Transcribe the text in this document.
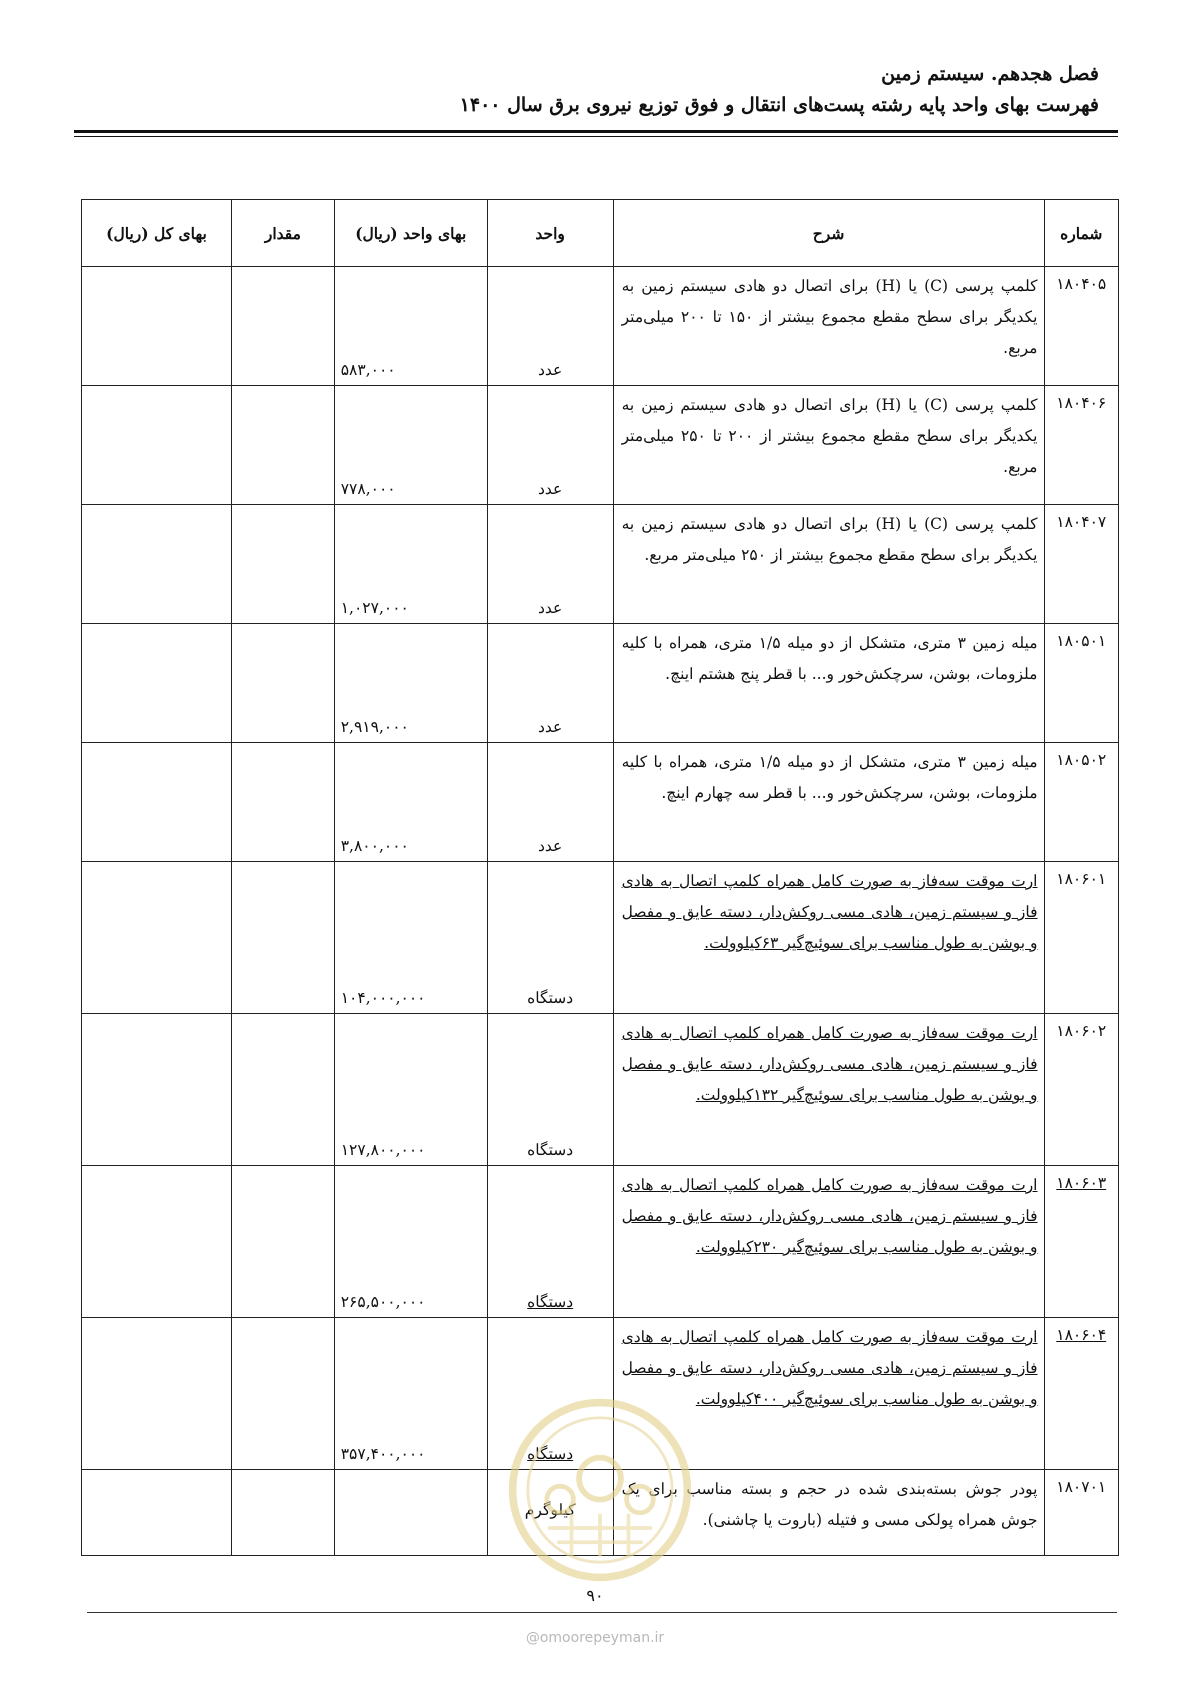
فصل هجدهم. سیستم زمین
فهرست بهای واحد پایه رشته پست‌های انتقال و فوق توزیع نیروی برق سال ۱۴۰۰
شماره	شرح	واحد	بهای واحد (ریال)	مقدار	بهای کل (ریال)
۱۸۰۴۰۵	کلمپ پرسی (C) یا (H) برای اتصال دو هادی سیستم زمین به یکدیگر برای سطح مقطع مجموع بیشتر از ۱۵۰ تا ۲۰۰ میلی‌متر مربع.	عدد	۵۸۳,۰۰۰		
۱۸۰۴۰۶	کلمپ پرسی (C) یا (H) برای اتصال دو هادی سیستم زمین به یکدیگر برای سطح مقطع مجموع بیشتر از ۲۰۰ تا ۲۵۰ میلی‌متر مربع.	عدد	۷۷۸,۰۰۰		
۱۸۰۴۰۷	کلمپ پرسی (C) یا (H) برای اتصال دو هادی سیستم زمین به یکدیگر برای سطح مقطع مجموع بیشتر از ۲۵۰ میلی‌متر مربع.	عدد	۱,۰۲۷,۰۰۰		
۱۸۰۵۰۱	میله زمین ۳ متری، متشکل از دو میله ۱/۵ متری، همراه با کلیه ملزومات، بوشن، سرچکش‌خور و... با قطر پنج هشتم اینچ.	عدد	۲,۹۱۹,۰۰۰		
۱۸۰۵۰۲	میله زمین ۳ متری، متشکل از دو میله ۱/۵ متری، همراه با کلیه ملزومات، بوشن، سرچکش‌خور و... با قطر سه چهارم اینچ.	عدد	۳,۸۰۰,۰۰۰		
۱۸۰۶۰۱	ارت موقت سه‌فاز به صورت کامل همراه کلمپ اتصال به هادی فاز و سیستم زمین، هادی مسی روکش‌دار، دسته عایق و مفصل و بوشن به طول مناسب برای سوئیچ‌گیر ۶۳کیلوولت.	دستگاه	۱۰۴,۰۰۰,۰۰۰		
۱۸۰۶۰۲	ارت موقت سه‌فاز به صورت کامل همراه کلمپ اتصال به هادی فاز و سیستم زمین، هادی مسی روکش‌دار، دسته عایق و مفصل و بوشن به طول مناسب برای سوئیچ‌گیر ۱۳۲کیلوولت.	دستگاه	۱۲۷,۸۰۰,۰۰۰		
۱۸۰۶۰۳	ارت موقت سه‌فاز به صورت کامل همراه کلمپ اتصال به هادی فاز و سیستم زمین، هادی مسی روکش‌دار، دسته عایق و مفصل و بوشن به طول مناسب برای سوئیچ‌گیر ۲۳۰کیلوولت.	دستگاه	۲۶۵,۵۰۰,۰۰۰		
۱۸۰۶۰۴	ارت موقت سه‌فاز به صورت کامل همراه کلمپ اتصال به هادی فاز و سیستم زمین، هادی مسی روکش‌دار، دسته عایق و مفصل و بوشن به طول مناسب برای سوئیچ‌گیر ۴۰۰کیلوولت.	دستگاه	۳۵۷,۴۰۰,۰۰۰		
۱۸۰۷۰۱	پودر جوش بسته‌بندی شده در حجم و بسته مناسب برای یک جوش همراه پولکی مسی و فتیله (باروت یا چاشنی).	کیلوگرم			
۹۰
@omoorepeyman.ir
